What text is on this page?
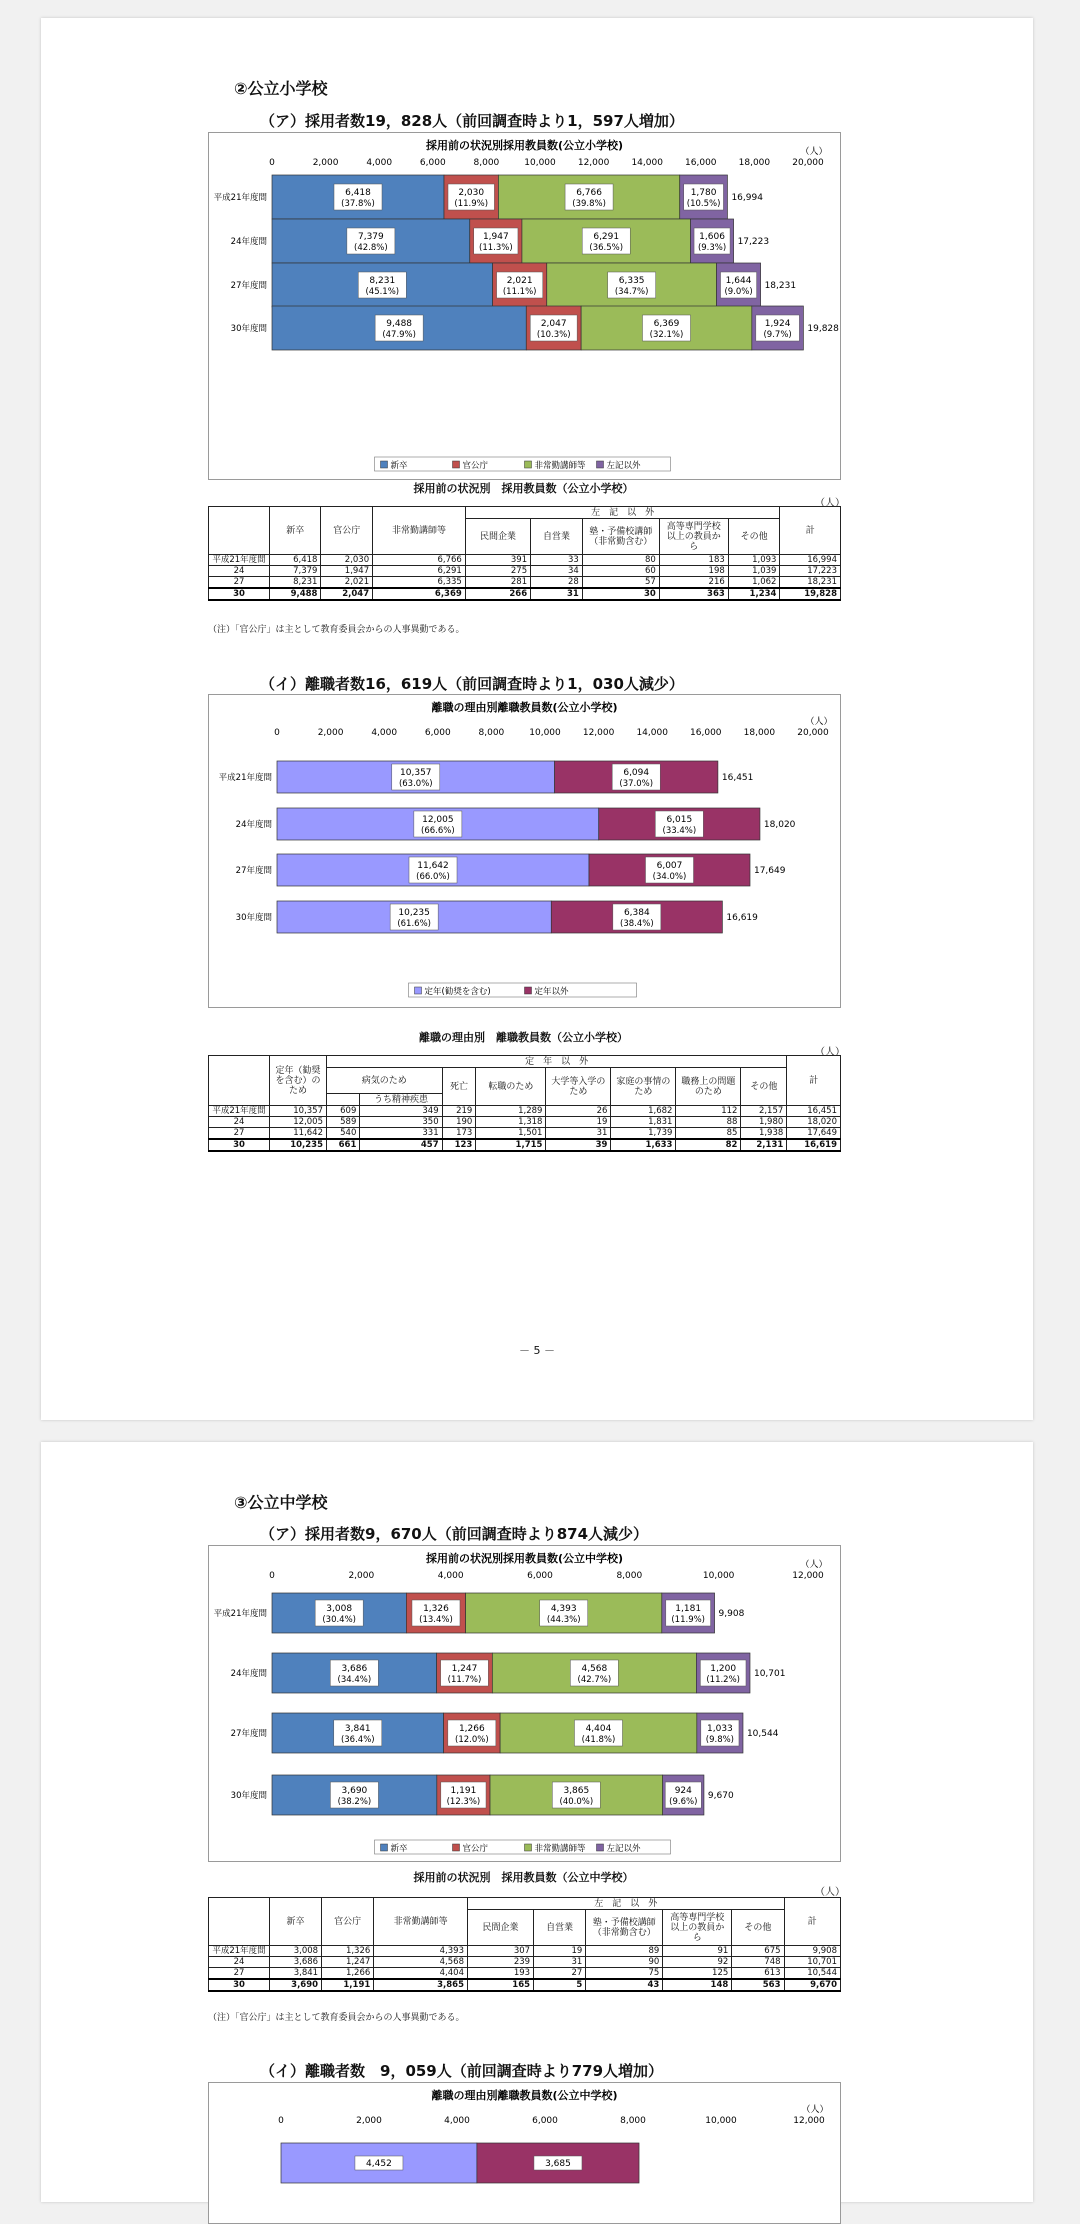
②公立小学校
（ア）採用者数19，828人（前回調査時より1，597人増加）
採用前の状況別採用教員数(公立小学校)	（人）
0	2,000	4,000	6,000	8,000	10,000 12,000 14,000 16,000 18,000 20,000
平成21年度間	6,418
(37.8%)
2,030
(11.9%)
6,766
(39.8%)
1,780
(10.5%)
16,994
24年度間	7,379
(42.8%)
1,947
(11.3%)
6,291
(36.5%)
1,606
(9.3%)
17,223
27年度間	8,231
(45.1%)
2,021
(11.1%)
6,335
(34.7%)
1,644
(9.0%)
18,231
30年度間	9,488
(47.9%)
2,047
(10.3%)
6,369
(32.1%)
1,924
(9.7%)
19,828
新卒	官公庁	非常勤講師等 左記以外
採用前の状況別　採用教員数（公立小学校）
（人）
	新卒	官公庁	非常勤講師等	左　記　以　外					計
				民間企業	自営業	塾・予備校講師（非常勤含む）	高等専門学校以上の教員から	その他	
平成21年度間	6,418	2,030	6,766	391	33	80	183	1,093	16,994
24	7,379	1,947	6,291	275	34	60	198	1,039	17,223
27	8,231	2,021	6,335	281	28	57	216	1,062	18,231
30	9,488	2,047	6,369	266	31	30	363	1,234	19,828
（注）「官公庁」は主として教育委員会からの人事異動である。
（イ）離職者数16，619人（前回調査時より1，030人減少）
離職の理由別離職教員数(公立小学校)
（人）
0	2,000	4,000	6,000	8,000	10,000 12,000 14,000 16,000 18,000 20,000
平成21年度間	10,357
(63.0%)
6,094
(37.0%)
16,451
24年度間	12,005
(66.6%)
6,015
(33.4%)
18,020
27年度間	11,642
(66.0%)
6,007
(34.0%)
17,649
30年度間	10,235
(61.6%)
6,384
(38.4%)
16,619
定年(勧奨を含む)	定年以外
離職の理由別　離職教員数（公立小学校）
（人）
	定年（勧奨を含む）のため	定　年　以　外								計
		病気のため		死亡	転職のため	大学等入学のため	家庭の事情のため	職務上の問題のため	その他	
			うち精神疾患							
平成21年度間	10,357	609	349	219	1,289	26	1,682	112	2,157	16,451
24	12,005	589	350	190	1,318	19	1,831	88	1,980	18,020
27	11,642	540	331	173	1,501	31	1,739	85	1,938	17,649
30	10,235	661	457	123	1,715	39	1,633	82	2,131	16,619
－ 5 －
③公立中学校
（ア）採用者数9，670人（前回調査時より874人減少）
採用前の状況別採用教員数(公立中学校)	（人）
0	2,000	4,000	6,000	8,000	10,000	12,000
平成21年度間	3,008
(30.4%)
1,326
(13.4%)
4,393
(44.3%)
1,181
(11.9%)
9,908
24年度間	3,686
(34.4%)
1,247
(11.7%)
4,568
(42.7%)
1,200
(11.2%)
10,701
27年度間	3,841
(36.4%)
1,266
(12.0%)
4,404
(41.8%)
1,033
(9.8%)
10,544
30年度間	3,690
(38.2%)
1,191
(12.3%)
3,865
(40.0%)
924
(9.6%)
9,670
新卒	官公庁	非常勤講師等 左記以外
採用前の状況別　採用教員数（公立中学校）
（人）
	新卒	官公庁	非常勤講師等	左　記　以　外					計
				民間企業	自営業	塾・予備校講師（非常勤含む）	高等専門学校以上の教員から	その他	
平成21年度間	3,008	1,326	4,393	307	19	89	91	675	9,908
24	3,686	1,247	4,568	239	31	90	92	748	10,701
27	3,841	1,266	4,404	193	27	75	125	613	10,544
30	3,690	1,191	3,865	165	5	43	148	563	9,670
（注）「官公庁」は主として教育委員会からの人事異動である。
（イ）離職者数　9，059人（前回調査時より779人増加）
離職の理由別離職教員数(公立中学校)
（人）
0	2,000	4,000	6,000	8,000	10,000	12,000
4,452	3,685
